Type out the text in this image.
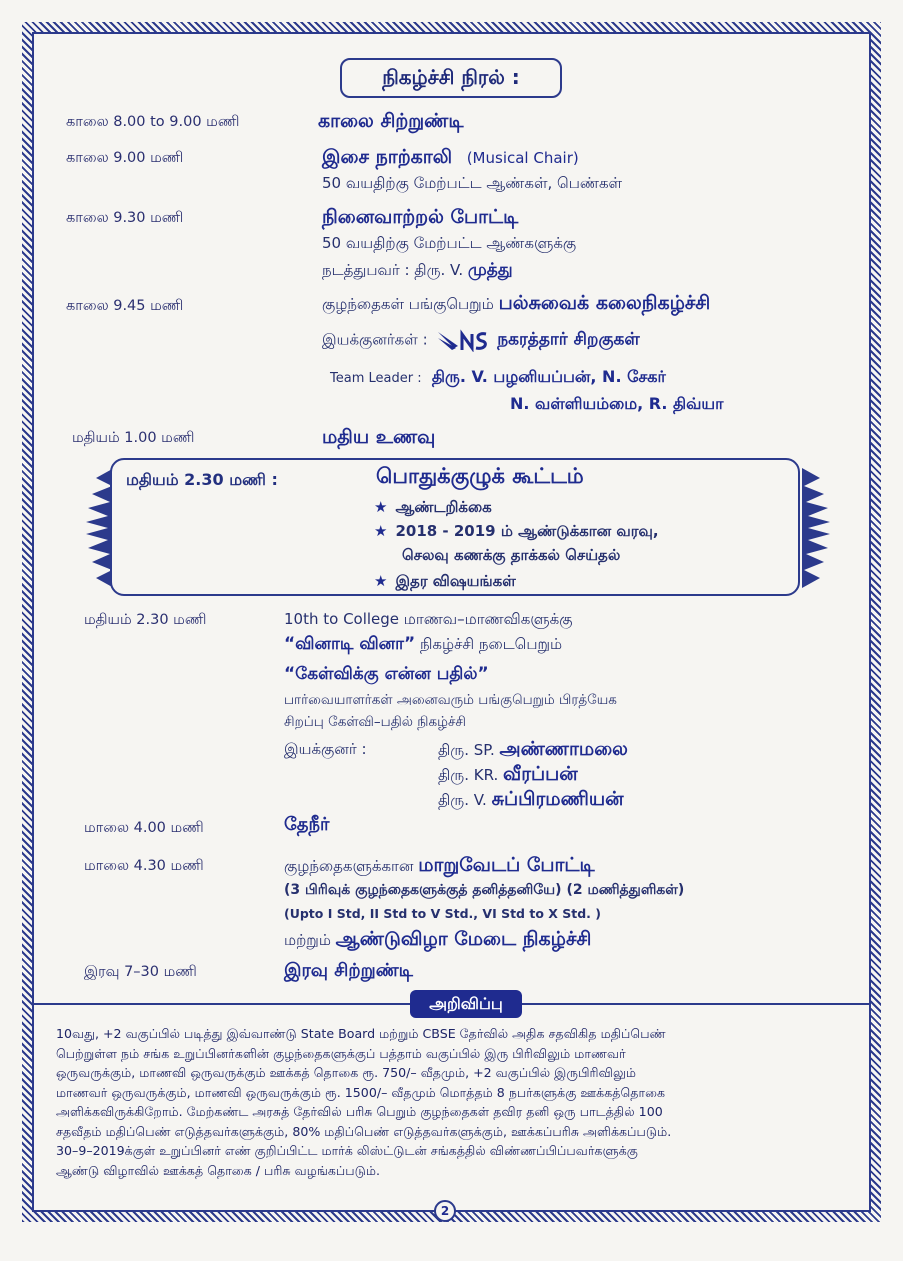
நிகழ்ச்சி நிரல் :
காலை 8.00 to 9.00 மணி	காலை சிற்றுண்டி
காலை 9.00 மணி	இசை நாற்காலி (Musical Chair)
50 வயதிற்கு மேற்பட்ட ஆண்கள், பெண்கள்
காலை 9.30 மணி	நினைவாற்றல் போட்டி
50 வயதிற்கு மேற்பட்ட ஆண்களுக்கு
நடத்துபவர் : திரு. V. முத்து
காலை 9.45 மணி	குழந்தைகள் பங்குபெறும் பல்சுவைக் கலைநிகழ்ச்சி
இயக்குனர்கள் :	நகரத்தார் சிறகுகள்
Team Leader : திரு. V. பழனியப்பன், N. சேகர்
N. வள்ளியம்மை, R. திவ்யா
மதியம் 1.00 மணி	மதிய உணவு
மதியம் 2.30 மணி :	பொதுக்குழுக் கூட்டம்
★ ஆண்டறிக்கை
★ 2018 - 2019 ம் ஆண்டுக்கான வரவு,
செலவு கணக்கு தாக்கல் செய்தல்
★ இதர விஷயங்கள்
மதியம் 2.30 மணி	10th to College மாணவ–மாணவிகளுக்கு
“வினாடி வினா” நிகழ்ச்சி நடைபெறும்
“கேள்விக்கு என்ன பதில்”
பார்வையாளர்கள் அனைவரும் பங்குபெறும் பிரத்யேக
சிறப்பு கேள்வி–பதில் நிகழ்ச்சி
இயக்குனர் :	திரு. SP. அண்ணாமலை
திரு. KR. வீரப்பன்
திரு. V. சுப்பிரமணியன்
மாலை 4.00 மணி	தேநீர்
மாலை 4.30 மணி	குழந்தைகளுக்கான மாறுவேடப் போட்டி
(3 பிரிவுக் குழந்தைகளுக்குத் தனித்தனியே) (2 மணித்துளிகள்)
(Upto I Std, II Std to V Std., VI Std to X Std. )
மற்றும் ஆண்டுவிழா மேடை நிகழ்ச்சி
இரவு 7–30 மணி	இரவு சிற்றுண்டி
அறிவிப்பு
10வது, +2 வகுப்பில் படித்து இவ்வாண்டு State Board மற்றும் CBSE தேர்வில் அதிக சதவிகித மதிப்பெண்
பெற்றுள்ள நம் சங்க உறுப்பினர்களின் குழந்தைகளுக்குப் பத்தாம் வகுப்பில் இரு பிரிவிலும் மாணவர்
ஒருவருக்கும், மாணவி ஒருவருக்கும் ஊக்கத் தொகை ரூ. 750/– வீதமும், +2 வகுப்பில் இருபிரிவிலும்
மாணவர் ஒருவருக்கும், மாணவி ஒருவருக்கும் ரூ. 1500/– வீதமும் மொத்தம் 8 நபர்களுக்கு ஊக்கத்தொகை
அளிக்கவிருக்கிறோம். மேற்கண்ட அரசுத் தேர்வில் பரிசு பெறும் குழந்தைகள் தவிர தனி ஒரு பாடத்தில் 100
சதவீதம் மதிப்பெண் எடுத்தவர்களுக்கும், 80% மதிப்பெண் எடுத்தவர்களுக்கும், ஊக்கப்பரிசு அளிக்கப்படும்.
30–9–2019க்குள் உறுப்பினர் எண் குறிப்பிட்ட மார்க் லிஸ்ட்டுடன் சங்கத்தில் விண்ணப்பிப்பவர்களுக்கு
ஆண்டு விழாவில் ஊக்கத் தொகை / பரிசு வழங்கப்படும்.
2
